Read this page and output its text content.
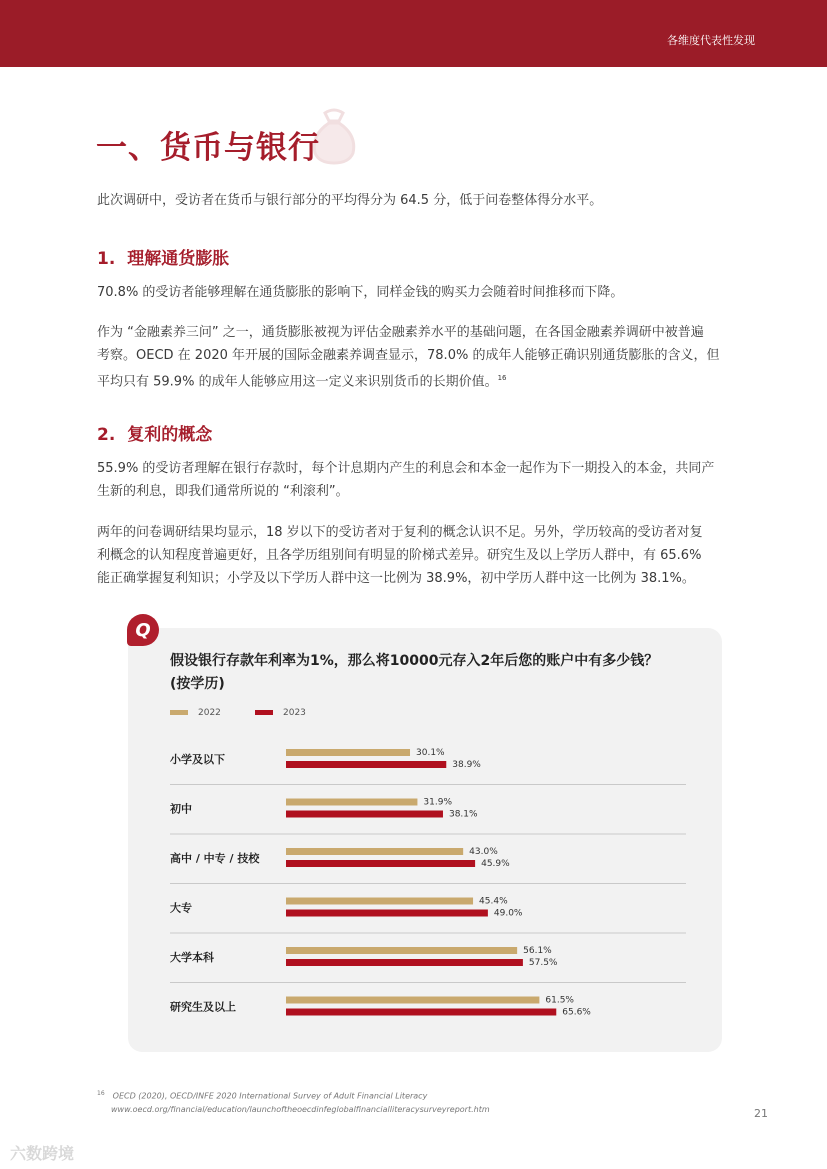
各维度代表性发现
一、货币与银行

此次调研中，受访者在货币与银行部分的平均得分为 64.5 分，低于问卷整体得分水平。

1. 理解通货膨胀

70.8% 的受访者能够理解在通货膨胀的影响下，同样金钱的购买力会随着时间推移而下降。

作为 “金融素养三问” 之一，通货膨胀被视为评估金融素养水平的基础问题，在各国金融素养调研中被普遍
考察。OECD 在 2020 年开展的国际金融素养调查显示，78.0% 的成年人能够正确识别通货膨胀的含义，但
平均只有 59.9% 的成年人能够应用这一定义来识别货币的长期价值。$^{16}$

2. 复利的概念

55.9% 的受访者理解在银行存款时，每个计息期内产生的利息会和本金一起作为下一期投入的本金，共同产
生新的利息，即我们通常所说的 “利滚利”。

两年的问卷调研结果均显示，18 岁以下的受访者对于复利的概念认识不足。另外，学历较高的受访者对复
利概念的认知程度普遍更好，且各学历组别间有明显的阶梯式差异。研究生及以上学历人群中，有 65.6%
能正确掌握复利知识；小学及以下学历人群中这一比例为 38.9%，初中学历人群中这一比例为 38.1%。

Q
假设银行存款年利率为1%，那么将10000元存入2年后您的账户中有多少钱？
(按学历)
2022	2023
小学及以下	30.1%
38.9%
初中	31.9%
38.1%
高中 / 中专 / 技校	43.0%
45.9%
大专	45.4%
49.0%
大学本科	56.1%
57.5%
研究生及以上	61.5%
65.6%
$^{16}$ OECD (2020), OECD/INFE 2020 International Survey of Adult Financial Literacy
www.oecd.org/financial/education/launchoftheoecdinfeglobalfinancialliteracysurveyreport.htm	21
六数跨境
